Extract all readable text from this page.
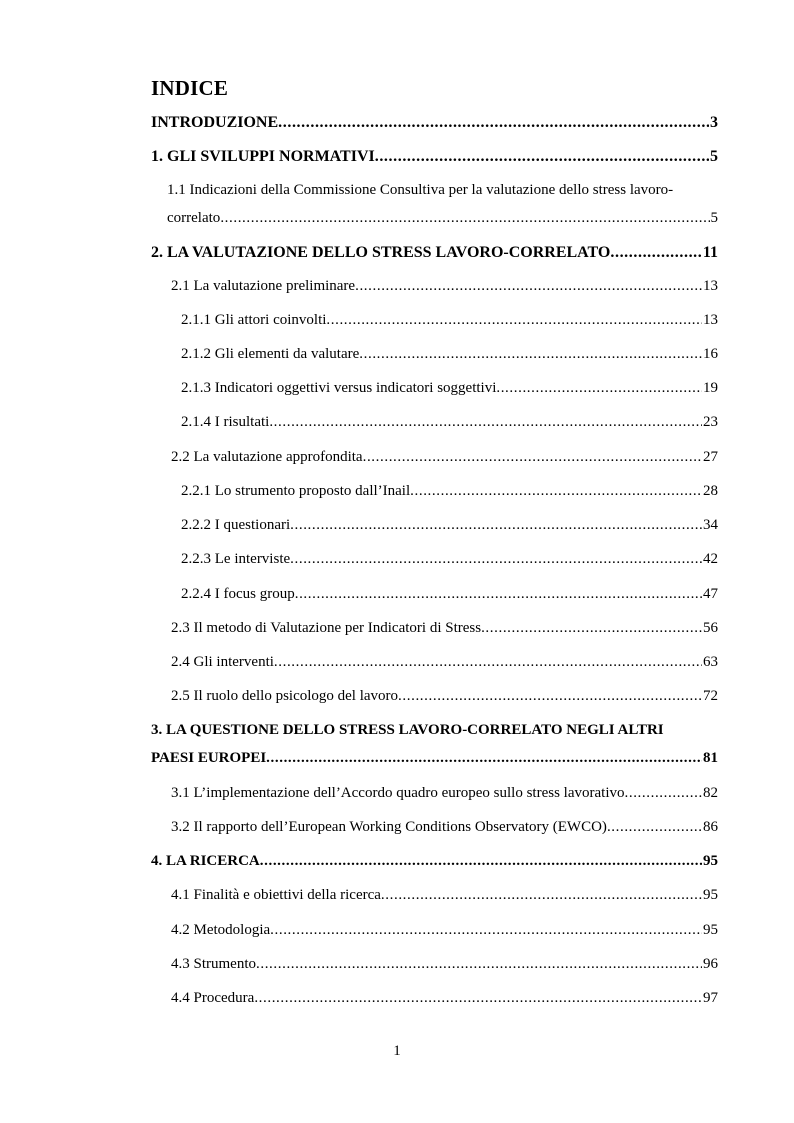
INDICE
INTRODUZIONE .....	3
1. GLI SVILUPPI NORMATIVI .....	5
1.1 Indicazioni della Commissione Consultiva per la valutazione dello stress lavoro-
correlato .....	5
2. LA VALUTAZIONE DELLO STRESS LAVORO-CORRELATO .....	11
2.1 La valutazione preliminare .....	13
2.1.1 Gli attori coinvolti .....	13
2.1.2 Gli elementi da valutare .....	16
2.1.3 Indicatori oggettivi versus indicatori soggettivi .....	19
2.1.4 I risultati .....	23
2.2 La valutazione approfondita .....	27
2.2.1 Lo strumento proposto dall’Inail .....	28
2.2.2 I questionari .....	34
2.2.3 Le interviste .....	42
2.2.4 I focus group .....	47
2.3 Il metodo di Valutazione per Indicatori di Stress .....	56
2.4 Gli interventi .....	63
2.5 Il ruolo dello psicologo del lavoro .....	72
3. LA QUESTIONE DELLO STRESS LAVORO-CORRELATO NEGLI ALTRI
PAESI EUROPEI .....	81
3.1 L’implementazione dell’Accordo quadro europeo sullo stress lavorativo .....	82
3.2 Il rapporto dell’European Working Conditions Observatory (EWCO) .....	86
4. LA RICERCA .....	95
4.1 Finalità e obiettivi della ricerca .....	95
4.2 Metodologia .....	95
4.3 Strumento .....	96
4.4 Procedura .....	97
1
